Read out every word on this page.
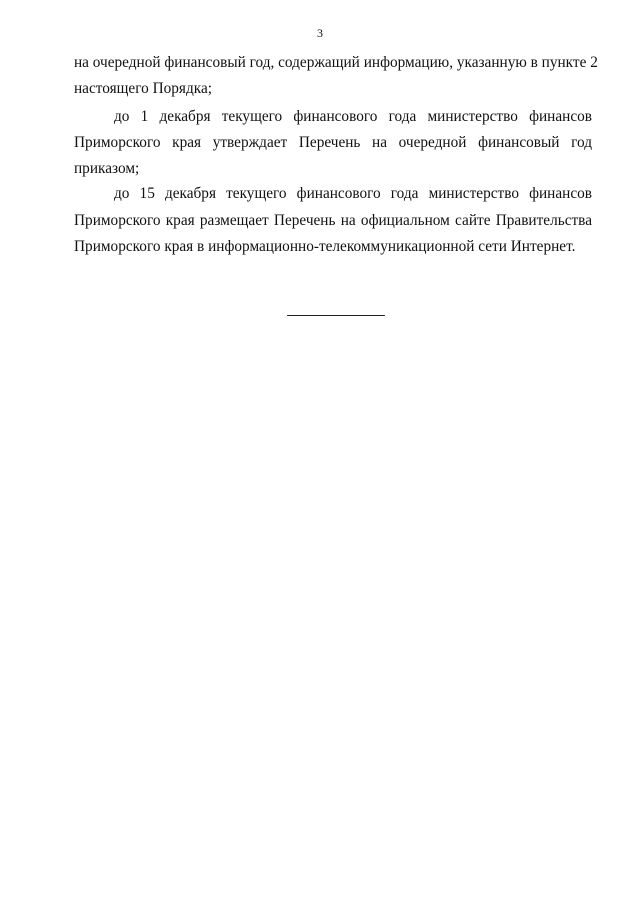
3
на очередной финансовый год, содержащий информацию, указанную в пункте 2
настоящего Порядка;
до 1 декабря текущего финансового года министерство финансов
Приморского края утверждает Перечень на очередной финансовый год
приказом;
до 15 декабря текущего финансового года министерство финансов
Приморского края размещает Перечень на официальном сайте Правительства
Приморского края в информационно-телекоммуникационной сети Интернет.
